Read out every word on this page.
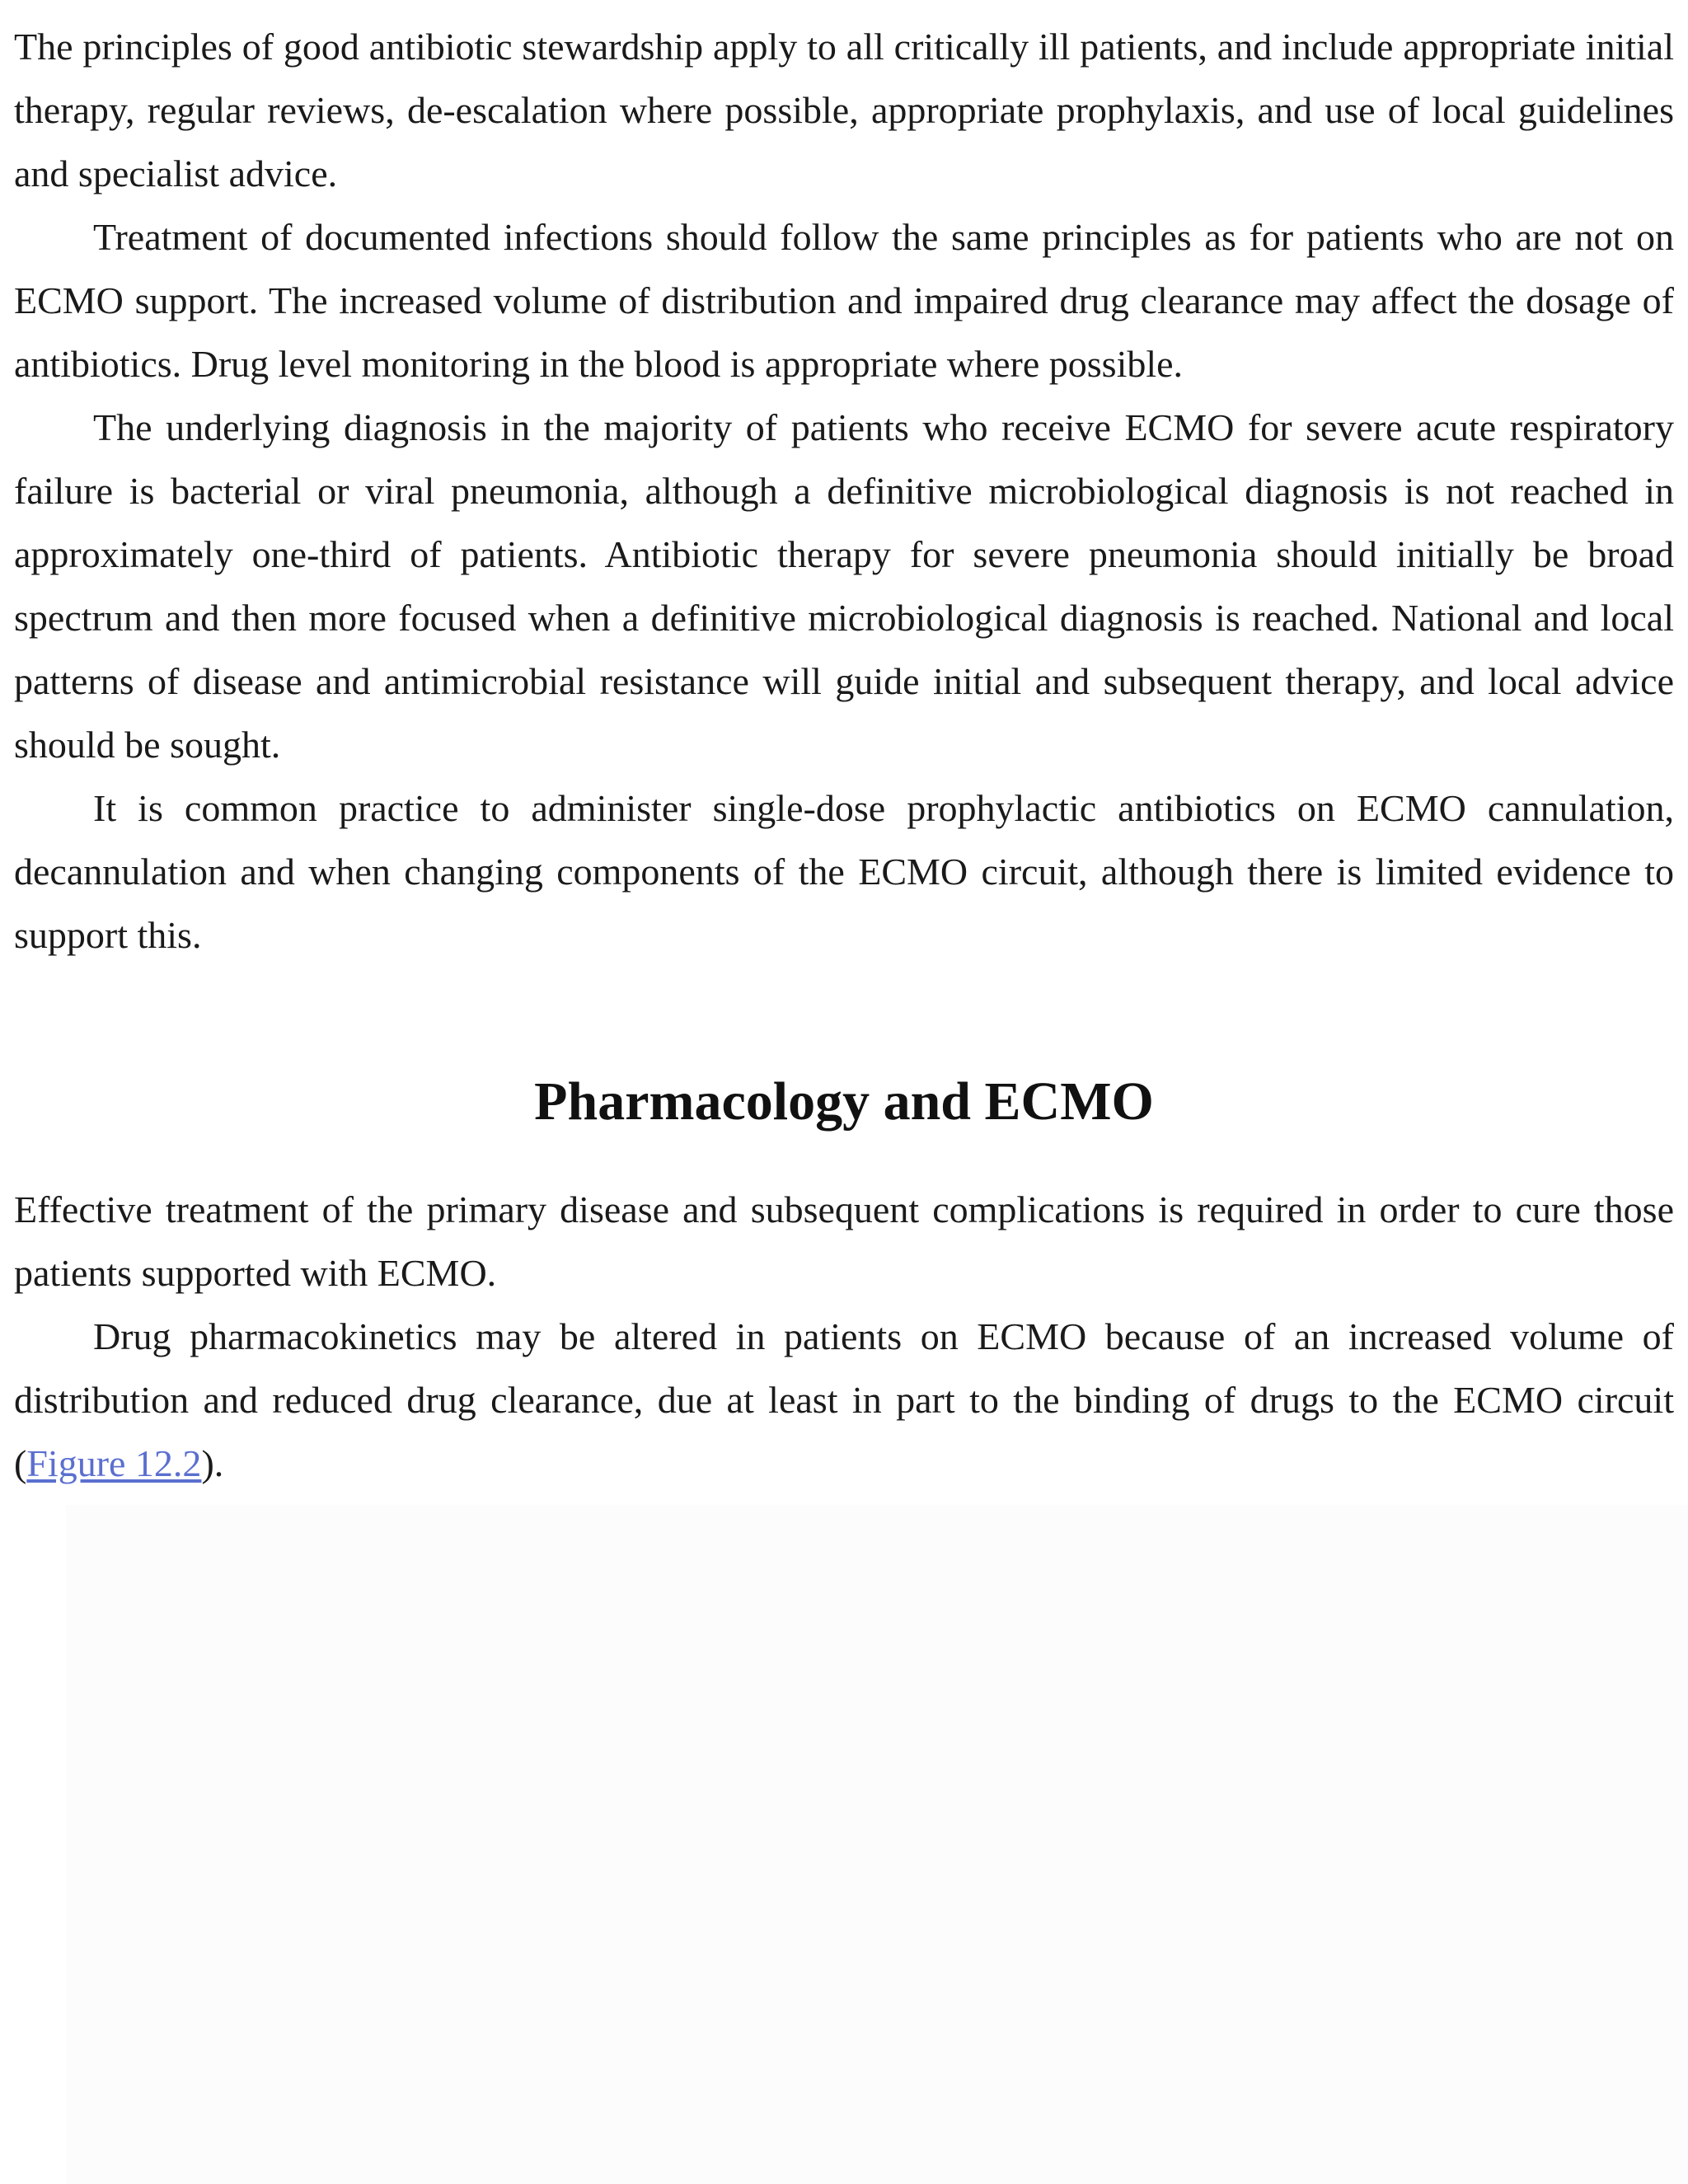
The principles of good antibiotic stewardship apply to all critically ill patients, and include appropriate initial therapy, regular reviews, de-escalation where possible, appropriate prophylaxis, and use of local guidelines and specialist advice.

Treatment of documented infections should follow the same principles as for patients who are not on ECMO support. The increased volume of distribution and impaired drug clearance may affect the dosage of antibiotics. Drug level monitoring in the blood is appropriate where possible.

The underlying diagnosis in the majority of patients who receive ECMO for severe acute respiratory failure is bacterial or viral pneumonia, although a definitive microbiological diagnosis is not reached in approximately one-third of patients. Antibiotic therapy for severe pneumonia should initially be broad spectrum and then more focused when a definitive microbiological diagnosis is reached. National and local patterns of disease and antimicrobial resistance will guide initial and subsequent therapy, and local advice should be sought.

It is common practice to administer single-dose prophylactic antibiotics on ECMO cannulation, decannulation and when changing components of the ECMO circuit, although there is limited evidence to support this.

Pharmacology and ECMO

Effective treatment of the primary disease and subsequent complications is required in order to cure those patients supported with ECMO.

Drug pharmacokinetics may be altered in patients on ECMO because of an increased volume of distribution and reduced drug clearance, due at least in part to the binding of drugs to the ECMO circuit (Figure 12.2).
